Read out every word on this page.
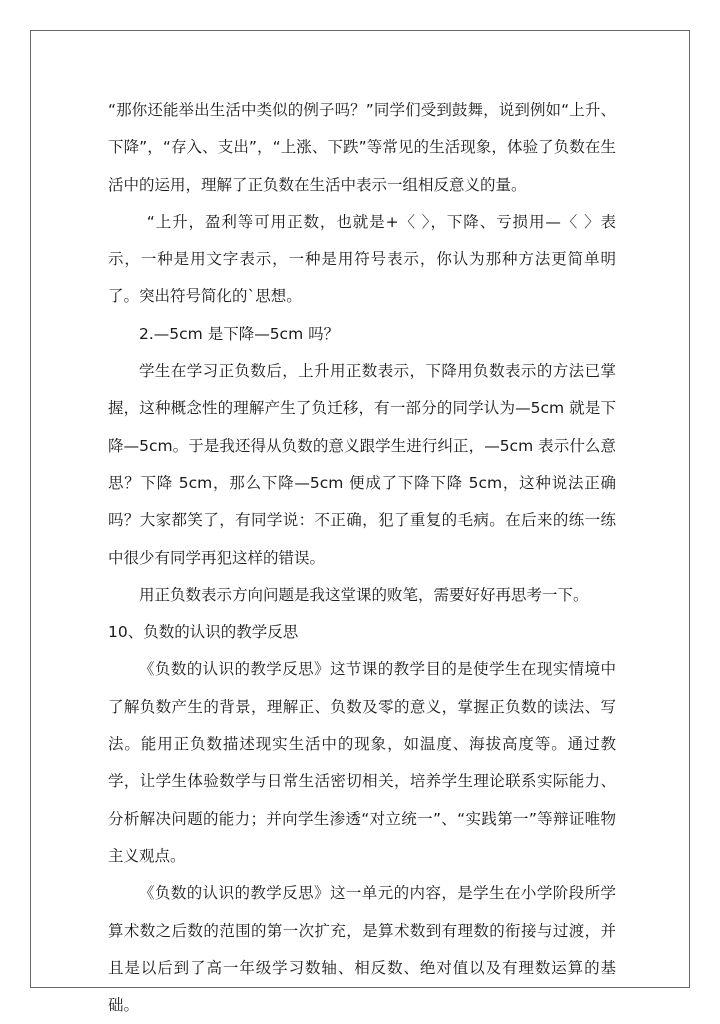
“那你还能举出生活中类似的例子吗？”同学们受到鼓舞，说到例如“上升、下降”，“存入、支出”，“上涨、下跌”等常见的生活现象，体验了负数在生活中的运用，理解了正负数在生活中表示一组相反意义的量。

“上升，盈利等可用正数，也就是+〈 〉，下降、亏损用—〈 〉表示，一种是用文字表示，一种是用符号表示，你认为那种方法更简单明了。突出符号简化的`思想。

2.—5cm 是下降—5cm 吗？

学生在学习正负数后，上升用正数表示，下降用负数表示的方法已掌握，这种概念性的理解产生了负迁移，有一部分的同学认为—5cm 就是下降—5cm。于是我还得从负数的意义跟学生进行纠正，—5cm 表示什么意思？下降 5cm，那么下降—5cm 便成了下降下降 5cm，这种说法正确吗？大家都笑了，有同学说：不正确，犯了重复的毛病。在后来的练一练中很少有同学再犯这样的错误。

用正负数表示方向问题是我这堂课的败笔，需要好好再思考一下。

10、负数的认识的教学反思

《负数的认识的教学反思》这节课的教学目的是使学生在现实情境中了解负数产生的背景，理解正、负数及零的意义，掌握正负数的读法、写法。能用正负数描述现实生活中的现象，如温度、海拔高度等。通过教学，让学生体验数学与日常生活密切相关，培养学生理论联系实际能力、分析解决问题的能力；并向学生渗透“对立统一”、“实践第一”等辩证唯物主义观点。

《负数的认识的教学反思》这一单元的内容，是学生在小学阶段所学算术数之后数的范围的第一次扩充，是算术数到有理数的衔接与过渡，并且是以后到了高一年级学习数轴、相反数、绝对值以及有理数运算的基础。
